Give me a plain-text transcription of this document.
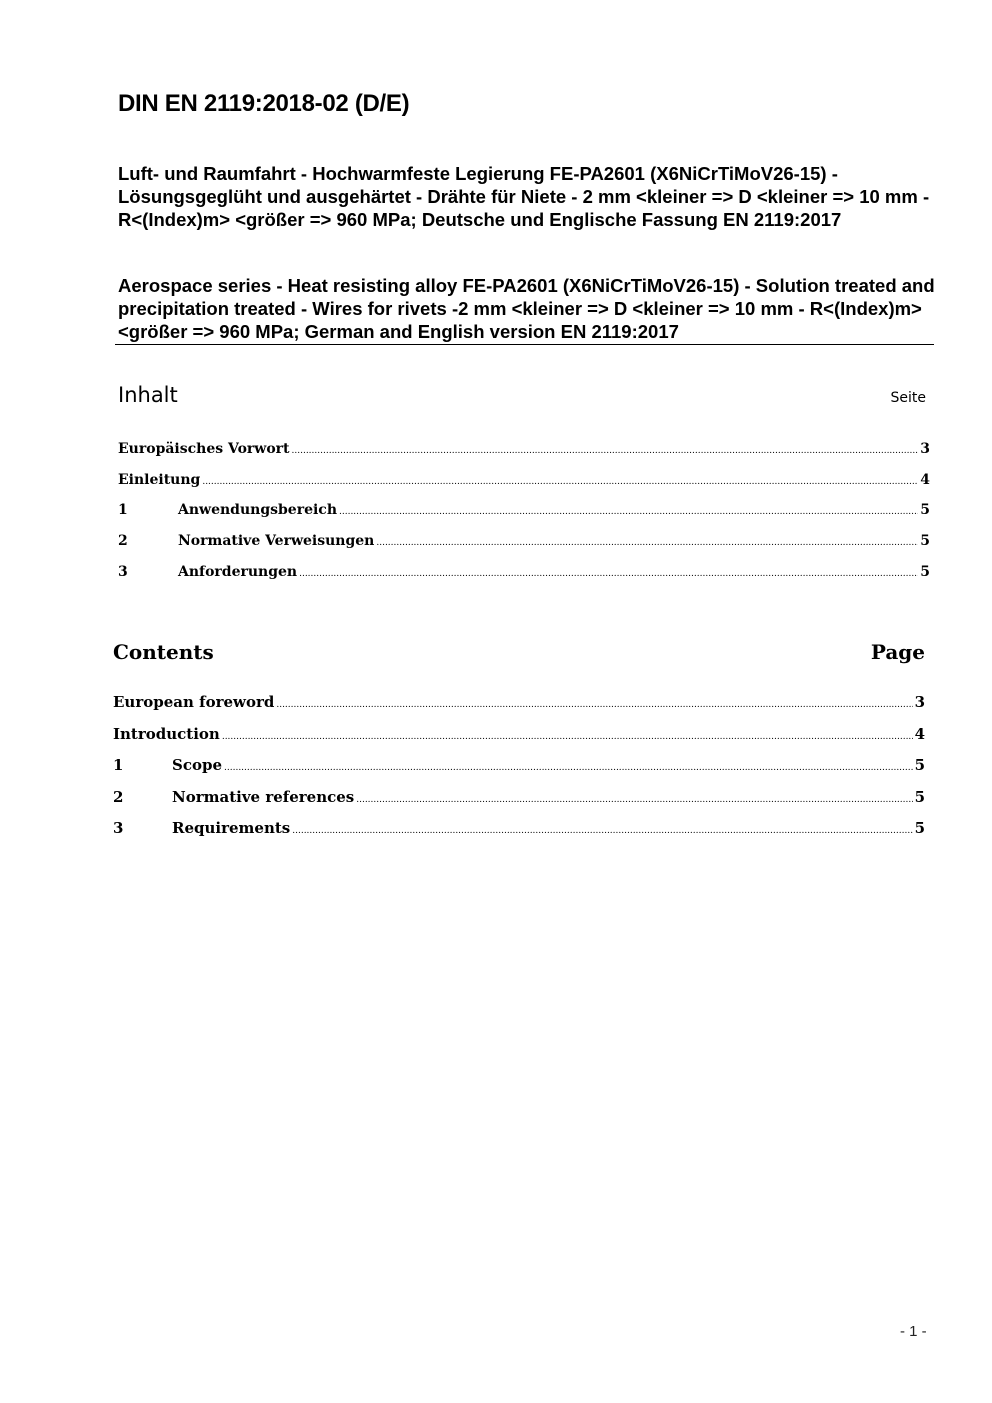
DIN EN 2119:2018-02 (D/E)
Luft- und Raumfahrt - Hochwarmfeste Legierung FE-PA2601 (X6NiCrTiMoV26-15) - Lösungsgeglüht und ausgehärtet - Drähte für Niete - 2 mm <kleiner => D <kleiner => 10 mm - R<(Index)m> <größer => 960 MPa; Deutsche und Englische Fassung EN 2119:2017
Aerospace series - Heat resisting alloy FE-PA2601 (X6NiCrTiMoV26-15) - Solution treated and precipitation treated - Wires for rivets -2 mm <kleiner => D <kleiner => 10 mm - R<(Index)m> <größer => 960 MPa; German and English version EN 2119:2017
Inhalt	Seite
Europäisches Vorwort .....	3
Einleitung .....	4
1	Anwendungsbereich .....	5
2	Normative Verweisungen .....	5
3	Anforderungen .....	5
Contents	Page
European foreword .....	3
Introduction .....	4
1	Scope .....	5
2	Normative references .....	5
3	Requirements .....	5
- 1 -
